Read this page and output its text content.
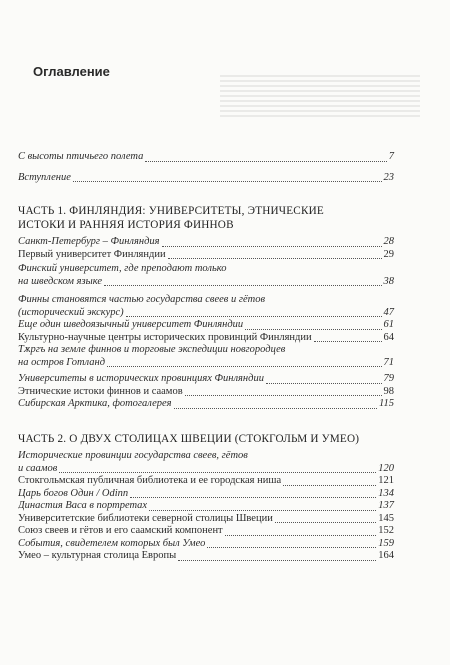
Оглавление
С высоты птичьего полета	7
Вступление	23
ЧАСТЬ 1. ФИНЛЯНДИЯ: УНИВЕРСИТЕТЫ, ЭТНИЧЕСКИЕ
ИСТОКИ И РАННЯЯ ИСТОРИЯ ФИННОВ
Санкт-Петербург – Финляндия	28
Первый университет Финляндии	29
Финский университет, где преподают только
на шведском языке	38
Финны становятся частью государства свеев и гётов
(исторический экскурс)	47
Еще один шведоязычный университет Финляндии	61
Культурно-научные центры исторических провинций Финляндии	64
Тѫргъ на земле финнов и торговые экспедиции новгородцев
на остров Готланд	71
Университеты в исторических провинциях Финляндии	79
Этнические истоки финнов и саамов	98
Сибирская Арктика, фотогалерея	115
ЧАСТЬ 2. О ДВУХ СТОЛИЦАХ ШВЕЦИИ (СТОКГОЛЬМ И УМЕО)
Исторические провинции государства свеев, гётов
и саамов	120
Стокгольмская публичная библиотека и ее городская ниша	121
Царь богов Один / Ódinn	134
Династия Васа в портретах	137
Университетские библиотеки северной столицы Швеции	145
Союз свеев и гётов и его саамский компонент	152
События, свидетелем которых был Умео	159
Умео – культурная столица Европы	164
